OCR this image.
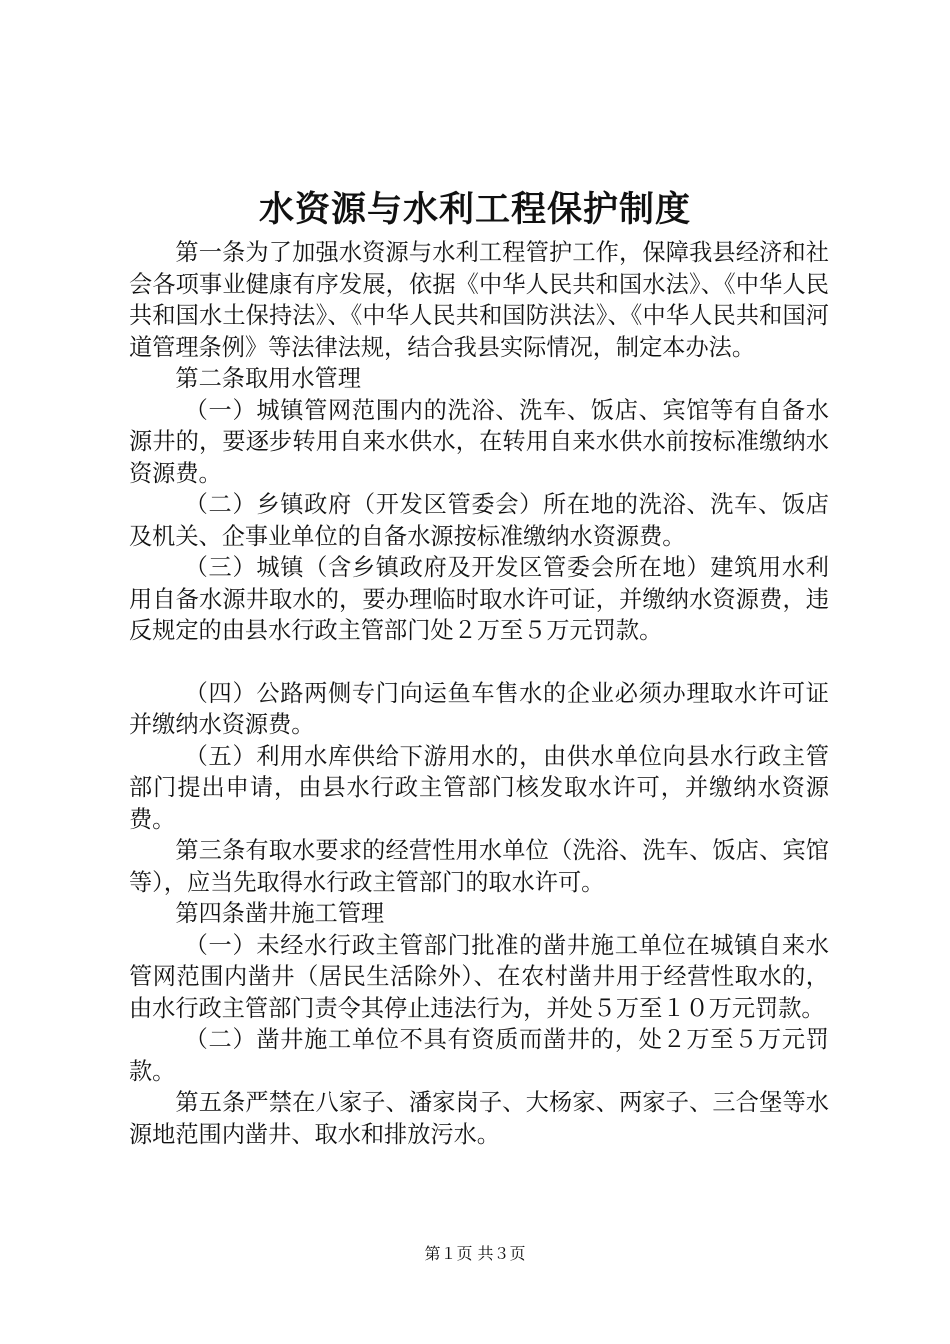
水资源与水利工程保护制度

第一条为了加强水资源与水利工程管护工作，保障我县经济和社会各项事业健康有序发展，依据《中华人民共和国水法》、《中华人民共和国水土保持法》、《中华人民共和国防洪法》、《中华人民共和国河道管理条例》等法律法规，结合我县实际情况，制定本办法。

第二条取用水管理

（一）城镇管网范围内的洗浴、洗车、饭店、宾馆等有自备水源井的，要逐步转用自来水供水，在转用自来水供水前按标准缴纳水资源费。

（二）乡镇政府（开发区管委会）所在地的洗浴、洗车、饭店及机关、企事业单位的自备水源按标准缴纳水资源费。

（三）城镇（含乡镇政府及开发区管委会所在地）建筑用水利用自备水源井取水的，要办理临时取水许可证，并缴纳水资源费，违反规定的由县水行政主管部门处２万至５万元罚款。

（四）公路两侧专门向运鱼车售水的企业必须办理取水许可证并缴纳水资源费。

（五）利用水库供给下游用水的，由供水单位向县水行政主管部门提出申请，由县水行政主管部门核发取水许可，并缴纳水资源费。

第三条有取水要求的经营性用水单位（洗浴、洗车、饭店、宾馆等），应当先取得水行政主管部门的取水许可。

第四条凿井施工管理

（一）未经水行政主管部门批准的凿井施工单位在城镇自来水管网范围内凿井（居民生活除外）、在农村凿井用于经营性取水的，由水行政主管部门责令其停止违法行为，并处５万至１０万元罚款。

（二）凿井施工单位不具有资质而凿井的，处２万至５万元罚款。

第五条严禁在八家子、潘家岗子、大杨家、两家子、三合堡等水源地范围内凿井、取水和排放污水。

第１页 共３页
